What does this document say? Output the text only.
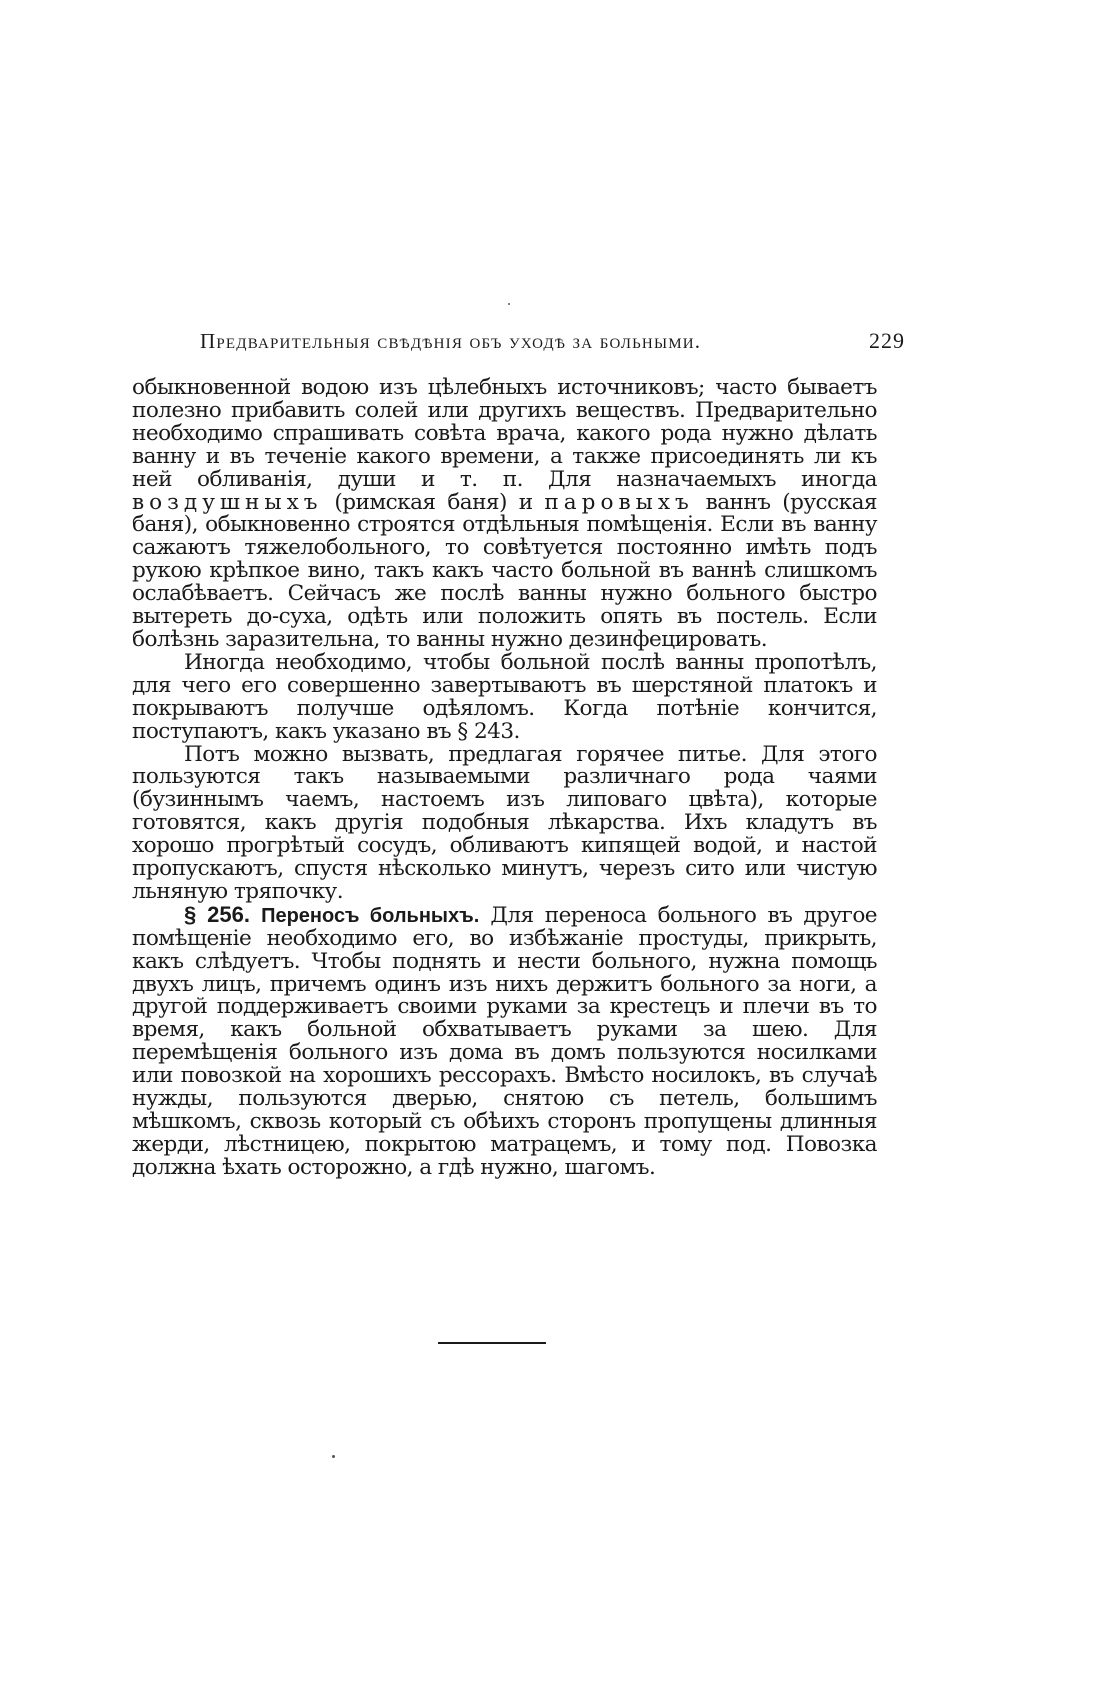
Предварительныя свѣдѣнія объ уходѣ за больными.	229

обыкновенной водою изъ цѣлебныхъ источниковъ; часто бываетъ полезно прибавить солей или другихъ веществъ. Предварительно необходимо спрашивать совѣта врача, какого рода нужно дѣлать ванну и въ теченіе какого времени, а также присоединять ли къ ней обливанія, души и т. п. Для назначаемыхъ иногда воздушныхъ (римская баня) и паровыхъ ваннъ (русская баня), обыкновенно строятся отдѣльныя помѣщенія. Если въ ванну сажаютъ тяжелобольного, то совѣтуется постоянно имѣть подъ рукою крѣпкое вино, такъ какъ часто больной въ ваннѣ слишкомъ ослабѣваетъ. Сейчасъ же послѣ ванны нужно больного быстро вытереть до-суха, одѣть или положить опять въ постель. Если болѣзнь заразительна, то ванны нужно дезинфецировать.

Иногда необходимо, чтобы больной послѣ ванны пропотѣлъ, для чего его совершенно завертываютъ въ шерстяной платокъ и покрываютъ получше одѣяломъ. Когда потѣніе кончится, поступаютъ, какъ указано въ § 243.

Потъ можно вызвать, предлагая горячее питье. Для этого пользуются такъ называемыми различнаго рода чаями (бузиннымъ чаемъ, настоемъ изъ липоваго цвѣта), которые готовятся, какъ другія подобныя лѣкарства. Ихъ кладутъ въ хорошо прогрѣтый сосудъ, обливаютъ кипящей водой, и настой пропускаютъ, спустя нѣсколько минутъ, черезъ сито или чистую льняную тряпочку.

§ 256. Переносъ больныхъ. Для переноса больного въ другое помѣщеніе необходимо его, во избѣжаніе простуды, прикрыть, какъ слѣдуетъ. Чтобы поднять и нести больного, нужна помощь двухъ лицъ, причемъ одинъ изъ нихъ держитъ больного за ноги, а другой поддерживаетъ своими руками за крестецъ и плечи въ то время, какъ больной обхватываетъ руками за шею. Для перемѣщенія больного изъ дома въ домъ пользуются носилками или повозкой на хорошихъ рессорахъ. Вмѣсто носилокъ, въ случаѣ нужды, пользуются дверью, снятою съ петель, большимъ мѣшкомъ, сквозь который съ обѣихъ сторонъ пропущены длинныя жерди, лѣстницею, покрытою матрацемъ, и тому под. Повозка должна ѣхать осторожно, а гдѣ нужно, шагомъ.
